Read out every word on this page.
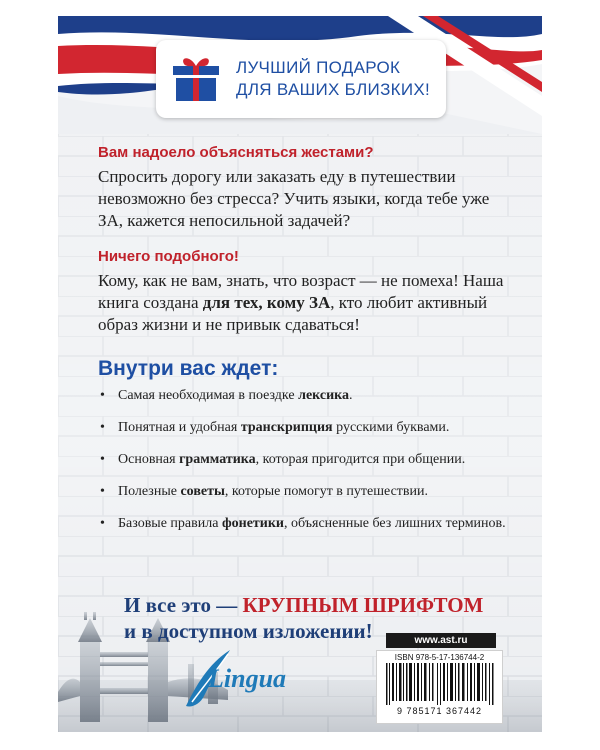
ЛУЧШИЙ ПОДАРОК
ДЛЯ ВАШИХ БЛИЗКИХ!

Вам надоело объясняться жестами?

Спросить дорогу или заказать еду в путешествии невозможно без стресса? Учить языки, когда тебе уже ЗА, кажется непосильной задачей?

Ничего подобного!

Кому, как не вам, знать, что возраст — не помеха! Наша книга создана для тех, кому ЗА, кто любит активный образ жизни и не привык сдаваться!

Внутри вас ждет:
• Самая необходимая в поездке лексика.
• Понятная и удобная транскрипция русскими буквами.
• Основная грамматика, которая пригодится при общении.
• Полезные советы, которые помогут в путешествии.
• Базовые правила фонетики, объясненные без лишних терминов.
И все это — КРУПНЫМ ШРИФТОМ
и в доступном изложении!
Lingua
www.ast.ru
ISBN 978-5-17-136744-2
9 785171 367442
